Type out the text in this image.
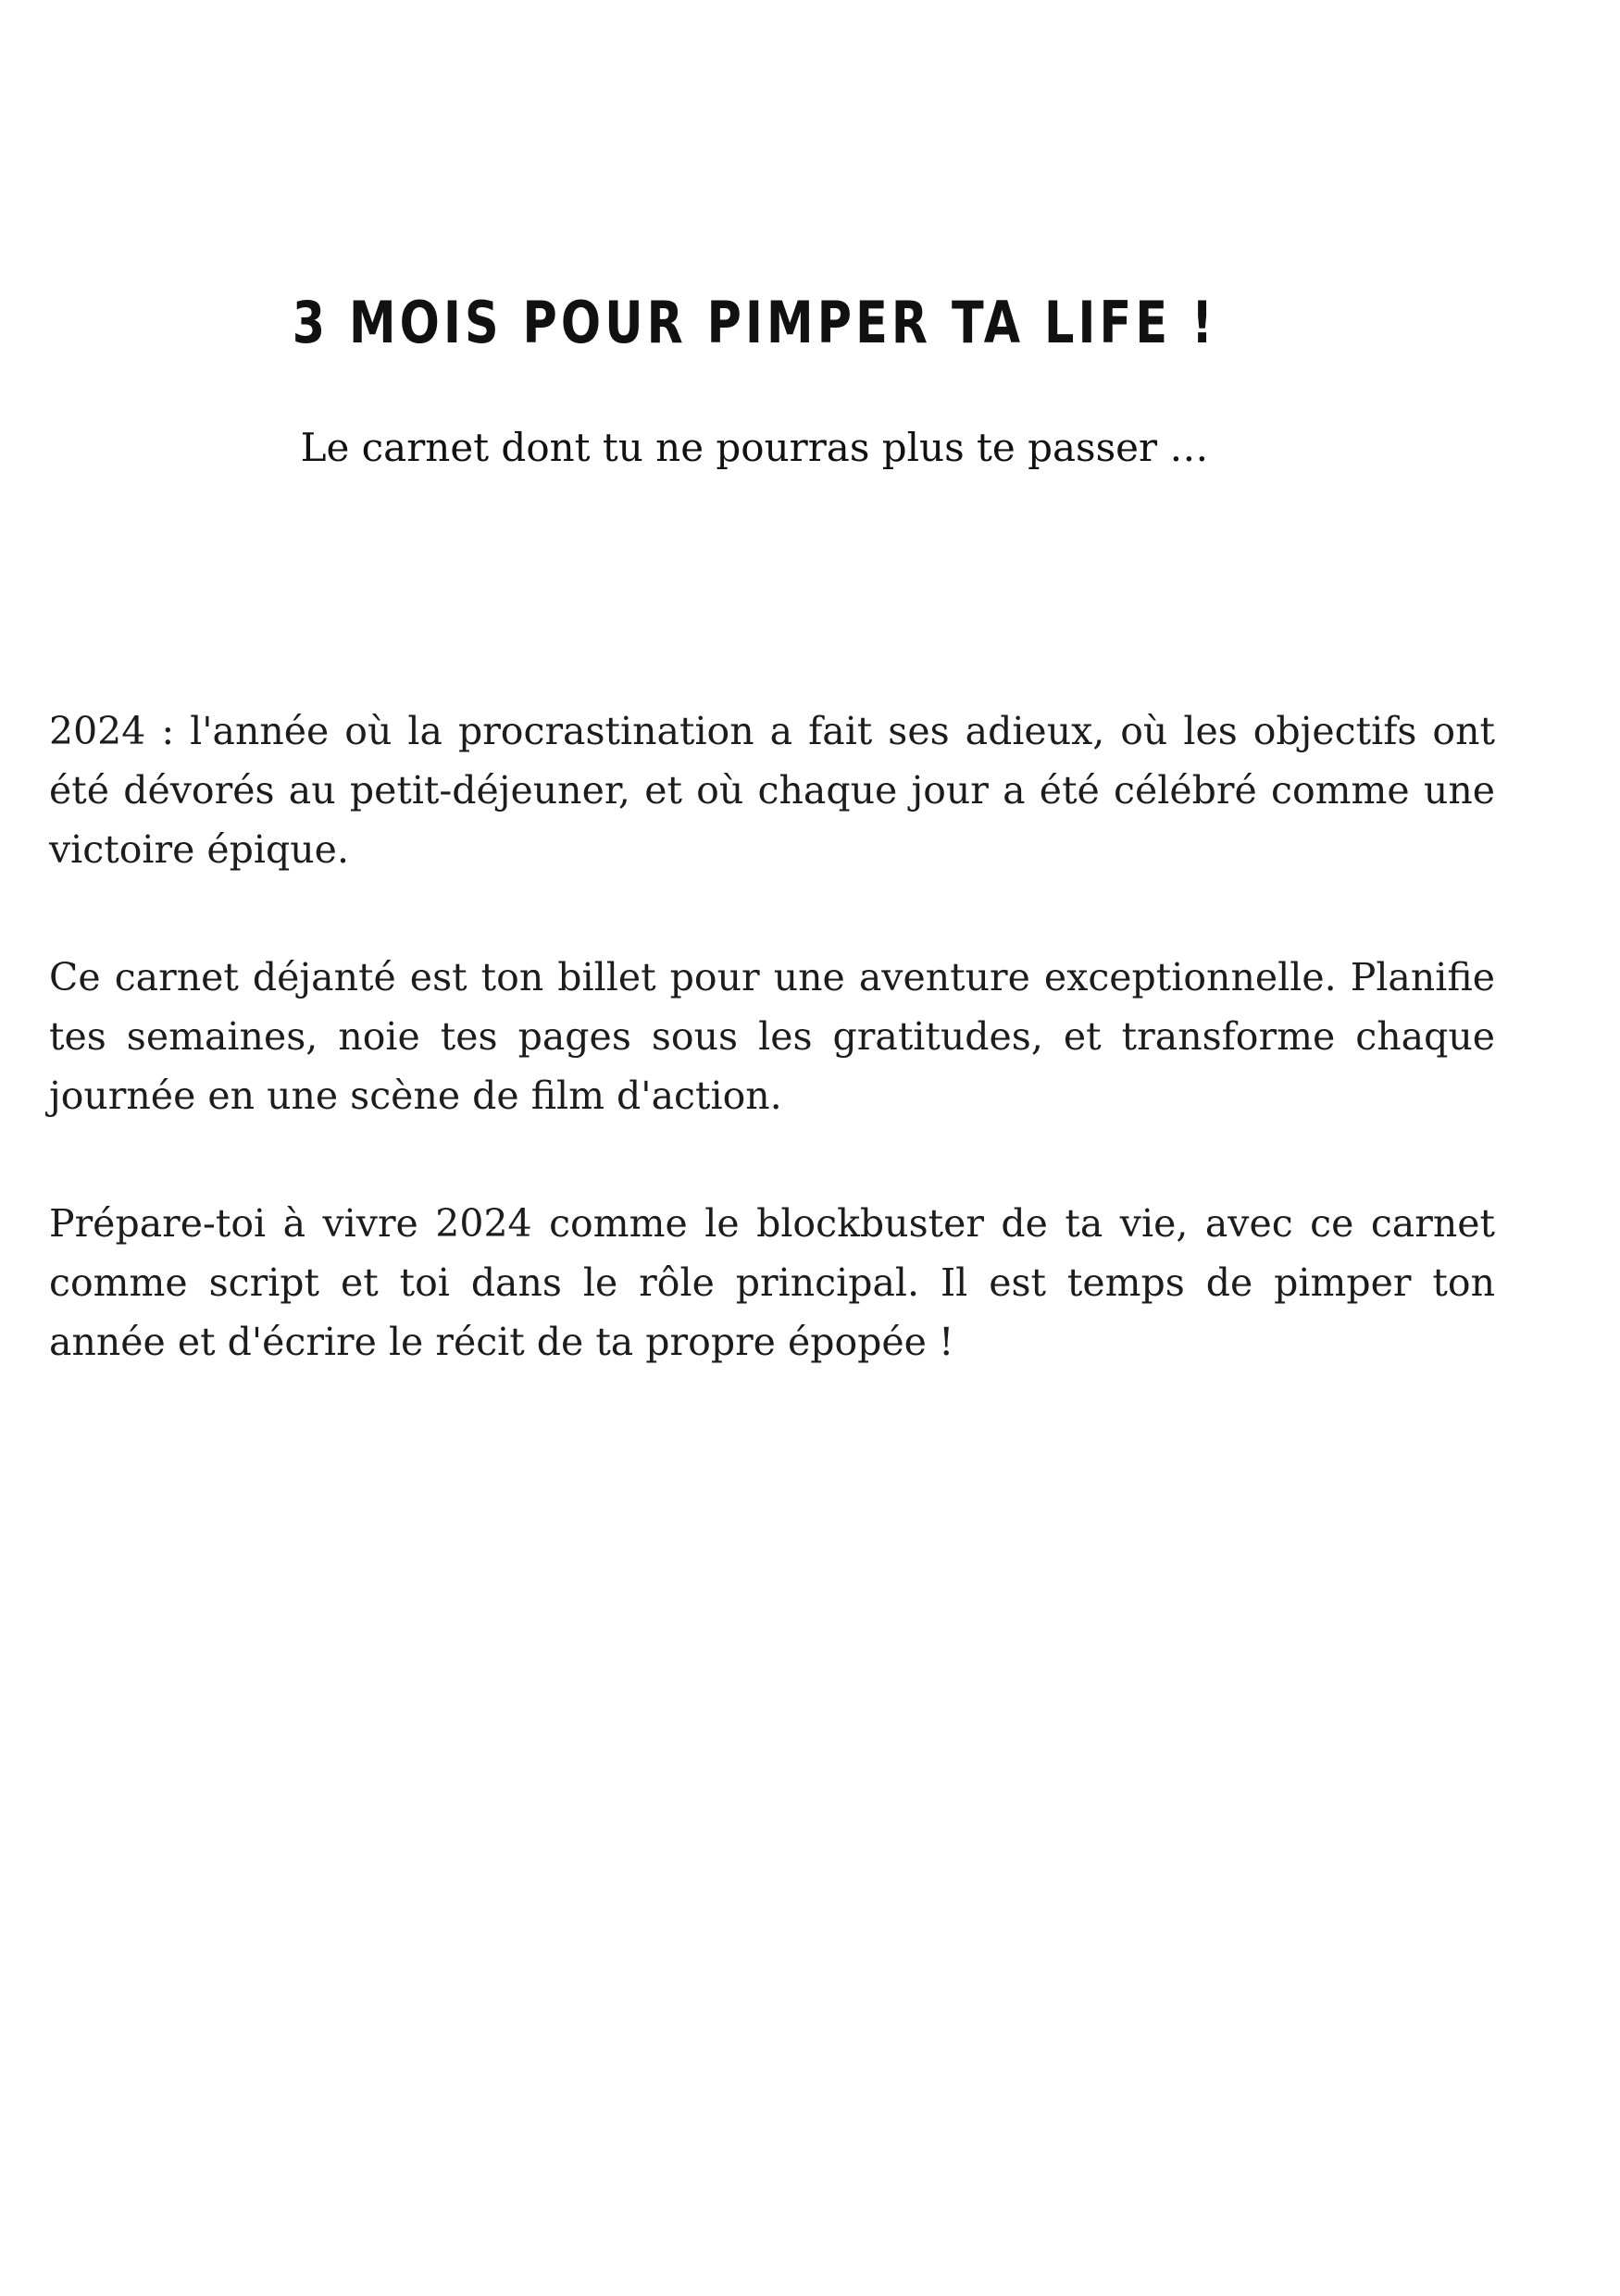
3 MOIS POUR PIMPER TA LIFE !

Le carnet dont tu ne pourras plus te passer …

2024 : l'année où la procrastination a fait ses adieux, où les objectifs ont été dévorés au petit-déjeuner, et où chaque jour a été célébré comme une victoire épique.

Ce carnet déjanté est ton billet pour une aventure exceptionnelle. Planifie tes semaines, noie tes pages sous les gratitudes, et transforme chaque journée en une scène de film d'action.

Prépare-toi à vivre 2024 comme le blockbuster de ta vie, avec ce carnet comme script et toi dans le rôle principal. Il est temps de pimper ton année et d'écrire le récit de ta propre épopée !
